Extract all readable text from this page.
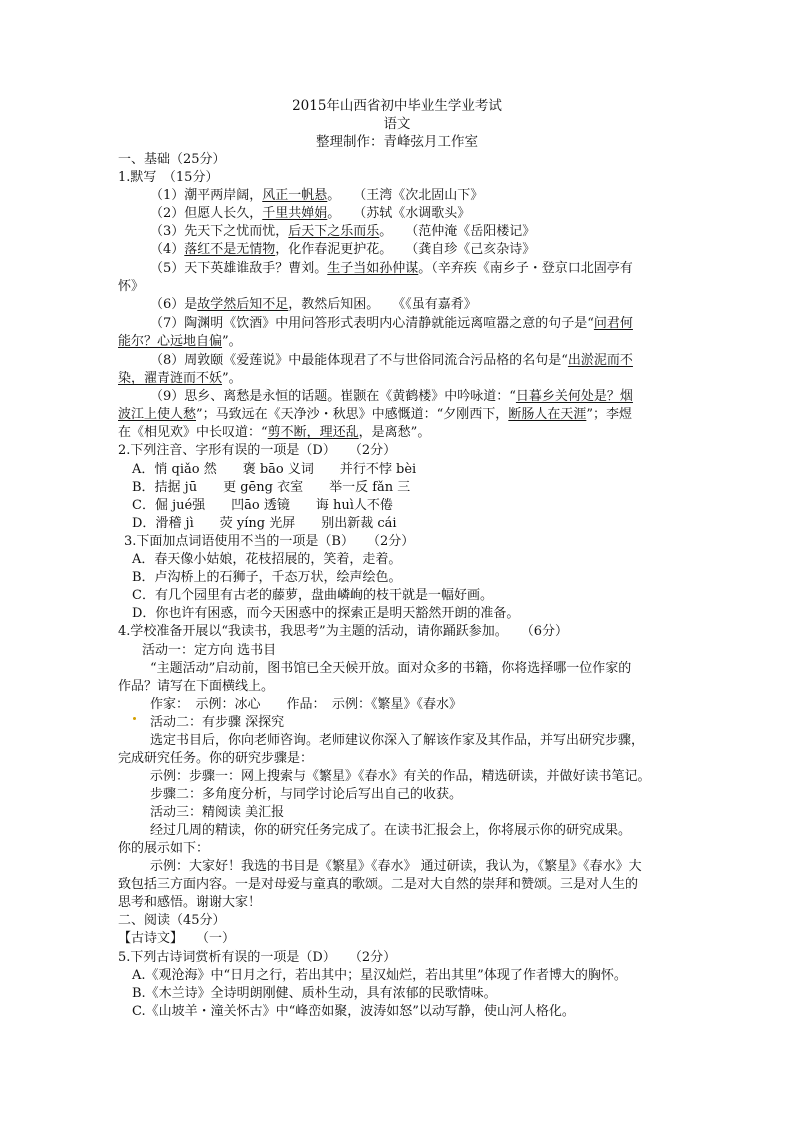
2015年山西省初中毕业生学业考试
语文
整理制作：青峰弦月工作室
一、基础（25分）
1.默写　（15分）
（1）潮平两岸阔，风正一帆悬。　　（王湾《次北固山下》
（2）但愿人长久，千里共婵娟。　　（苏轼《水调歌头》
（3）先天下之忧而忧，后天下之乐而乐。　　（范仲淹《岳阳楼记》
（4）落红不是无情物，化作春泥更护花。　　（龚自珍《己亥杂诗》
（5）天下英雄谁敌手？曹刘。生子当如孙仲谋。（辛弃疾《南乡子・登京口北固亭有
怀》
（6）是故学然后知不足，教然后知困。　　《《虽有嘉肴》
（7）陶渊明《饮酒》中用问答形式表明内心清静就能远离喧嚣之意的句子是“问君何
能尔？心远地自偏”。
（8）周敦颐《爱莲说》中最能体现君了不与世俗同流合污品格的名句是“出淤泥而不
染，濯青涟而不妖”。
（9）思乡、离愁是永恒的话题。崔颢在《黄鹤楼》中吟咏道：“日暮乡关何处是？烟
波江上使人愁”；马致远在《天净沙・秋思》中感慨道：“夕刚西下，断肠人在天涯”；李煜
在《相见欢》中长叹道：“剪不断，理还乱，是离愁”。
2.下列注音、字形有误的一项是（D）　　（2分）
A．悄 qiǎo 然　　褒 bāo 义词　　并行不悖 bèi
B．拮据 jū　　更 gēng 衣室　　举一反 fǎn 三
C．倔 jué强　　凹āo 透镜　　诲 huì人不倦
D．滑稽 jì　　荧 yíng 光屏　　别出新裁 cái
3.下面加点词语使用不当的一项是（B）　　（2分）
A．春天像小姑娘，花枝招展的，笑着，走着。
B．卢沟桥上的石狮子，千态万状，绘声绘色。
C．有几个园里有古老的藤萝，盘曲嶙峋的枝干就是一幅好画。
D．你也许有困惑，而今天困惑中的探索正是明天豁然开朗的准备。
4.学校准备开展以“我读书，我思考”为主题的活动，请你踊跃参加。　　（6分）
活动一：定方向 选书目
“主题活动”启动前，图书馆已全天候开放。面对众多的书籍，你将选择哪一位作家的
作品？请写在下面横线上。
作家：　示例：冰心　　作品：　示例：《繁星》《春水》
活动二：有步骤 深探究
选定书目后，你向老师咨询。老师建议你深入了解该作家及其作品，并写出研究步骤，
完成研究任务。你的研究步骤是：
示例：步骤一：网上搜索与《繁星》《春水》有关的作品，精选研读，并做好读书笔记。
步骤二：多角度分析，与同学讨论后写出自己的收获。
活动三：精阅读 美汇报
经过几周的精读，你的研究任务完成了。在读书汇报会上，你将展示你的研究成果。
你的展示如下：
示例：大家好！我选的书目是《繁星》《春水》 通过研读，我认为，《繁星》《春水》大
致包括三方面内容。一是对母爱与童真的歌颂。二是对大自然的崇拜和赞颂。三是对人生的
思考和感悟。谢谢大家！
二、阅读（45分）
【古诗文】　　（一）
5.下列古诗词赏析有误的一项是（D）　　（2分）
A.《观沧海》中“日月之行，若出其中；星汉灿烂，若出其里”体现了作者博大的胸怀。
B.《木兰诗》全诗明朗刚健、质朴生动，具有浓郁的民歌情味。
C.《山坡羊・潼关怀古》中“峰峦如聚，波涛如怒”以动写静，使山河人格化。
